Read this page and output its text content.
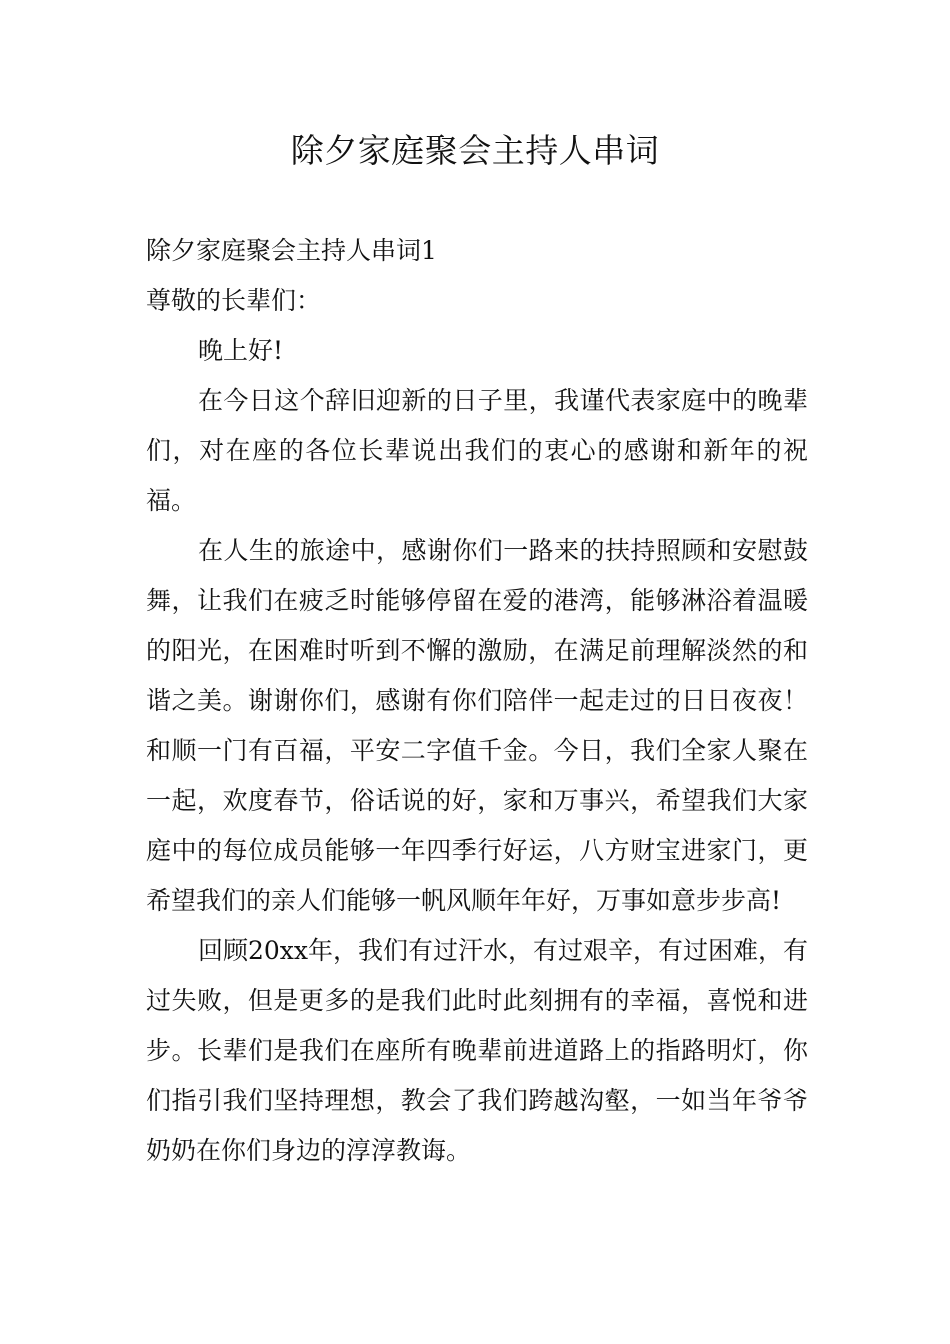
除夕家庭聚会主持人串词

除夕家庭聚会主持人串词1

尊敬的长辈们：

晚上好!

在今日这个辞旧迎新的日子里，我谨代表家庭中的晚辈们，对在座的各位长辈说出我们的衷心的感谢和新年的祝福。

在人生的旅途中，感谢你们一路来的扶持照顾和安慰鼓舞，让我们在疲乏时能够停留在爱的港湾，能够淋浴着温暖的阳光，在困难时听到不懈的激励，在满足前理解淡然的和谐之美。谢谢你们，感谢有你们陪伴一起走过的日日夜夜！和顺一门有百福，平安二字值千金。今日，我们全家人聚在一起，欢度春节，俗话说的好，家和万事兴，希望我们大家庭中的每位成员能够一年四季行好运，八方财宝进家门，更希望我们的亲人们能够一帆风顺年年好，万事如意步步高!

回顾20xx年，我们有过汗水，有过艰辛，有过困难，有过失败，但是更多的是我们此时此刻拥有的幸福，喜悦和进步。长辈们是我们在座所有晚辈前进道路上的指路明灯，你们指引我们坚持理想，教会了我们跨越沟壑，一如当年爷爷奶奶在你们身边的淳淳教诲。
